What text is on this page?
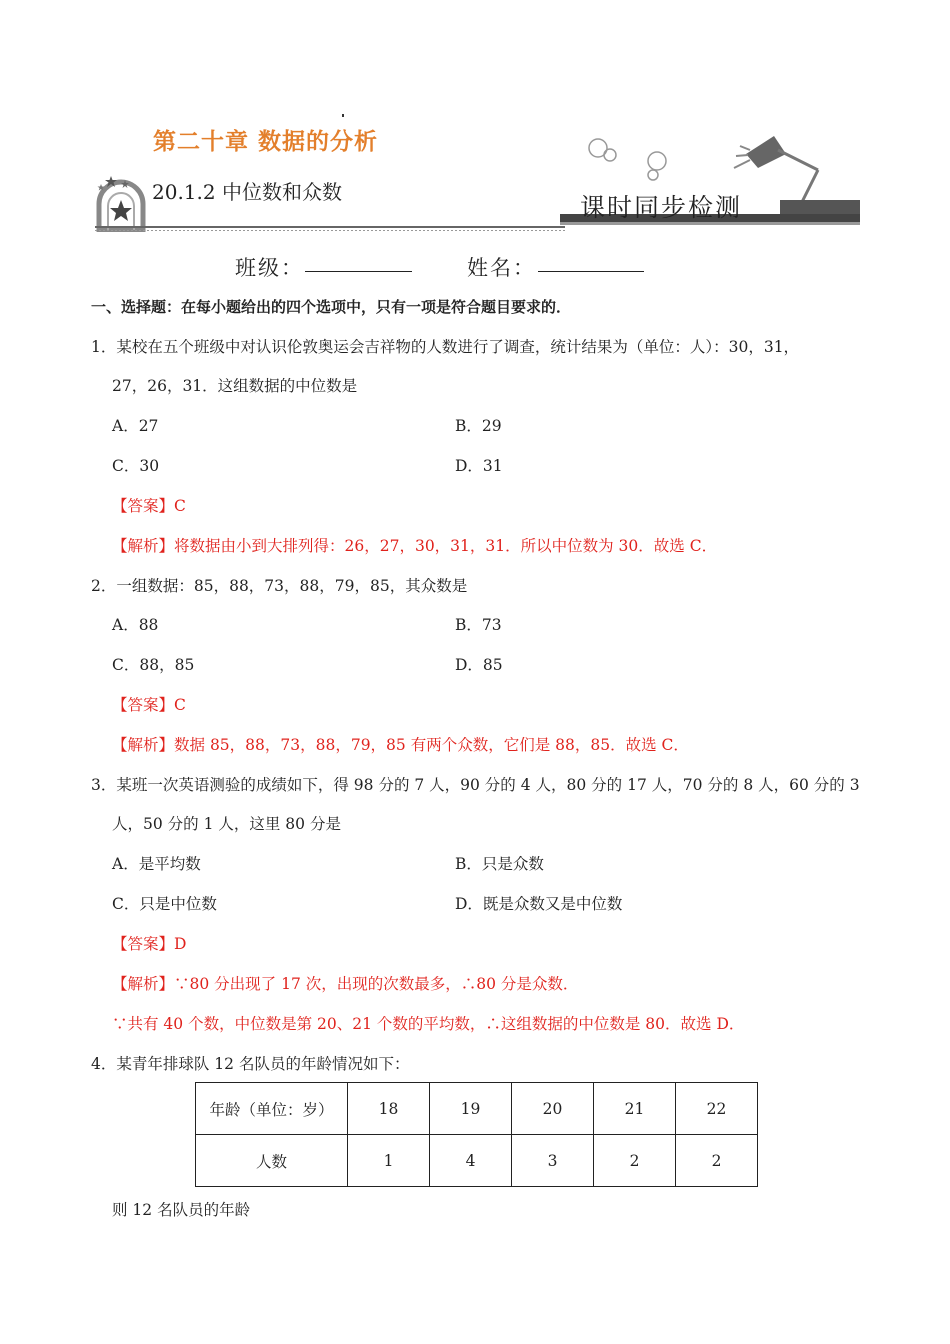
第二十章 数据的分析
20.1.2 中位数和众数
课时同步检测
班级：	姓名：
一、选择题：在每小题给出的四个选项中，只有一项是符合题目要求的．
1．某校在五个班级中对认识伦敦奥运会吉祥物的人数进行了调查，统计结果为（单位：人）：30，31，
27，26，31．这组数据的中位数是
A．27	B．29
C．30	D．31
【答案】C
【解析】将数据由小到大排列得：26，27，30，31，31．所以中位数为 30．故选 C．
2．一组数据：85，88，73，88，79，85，其众数是
A．88	B．73
C．88，85	D．85
【答案】C
【解析】数据 85，88，73，88，79，85 有两个众数，它们是 88，85．故选 C．
3．某班一次英语测验的成绩如下，得 98 分的 7 人，90 分的 4 人，80 分的 17 人，70 分的 8 人，60 分的 3
人，50 分的 1 人，这里 80 分是
A．是平均数	B．只是众数
C．只是中位数	D．既是众数又是中位数
【答案】D
【解析】∵80 分出现了 17 次，出现的次数最多，∴80 分是众数．
∵共有 40 个数，中位数是第 20、21 个数的平均数，∴这组数据的中位数是 80．故选 D．
4．某青年排球队 12 名队员的年龄情况如下：
年龄（单位：岁）	18	19	20	21	22
人数	1	4	3	2	2
则 12 名队员的年龄
